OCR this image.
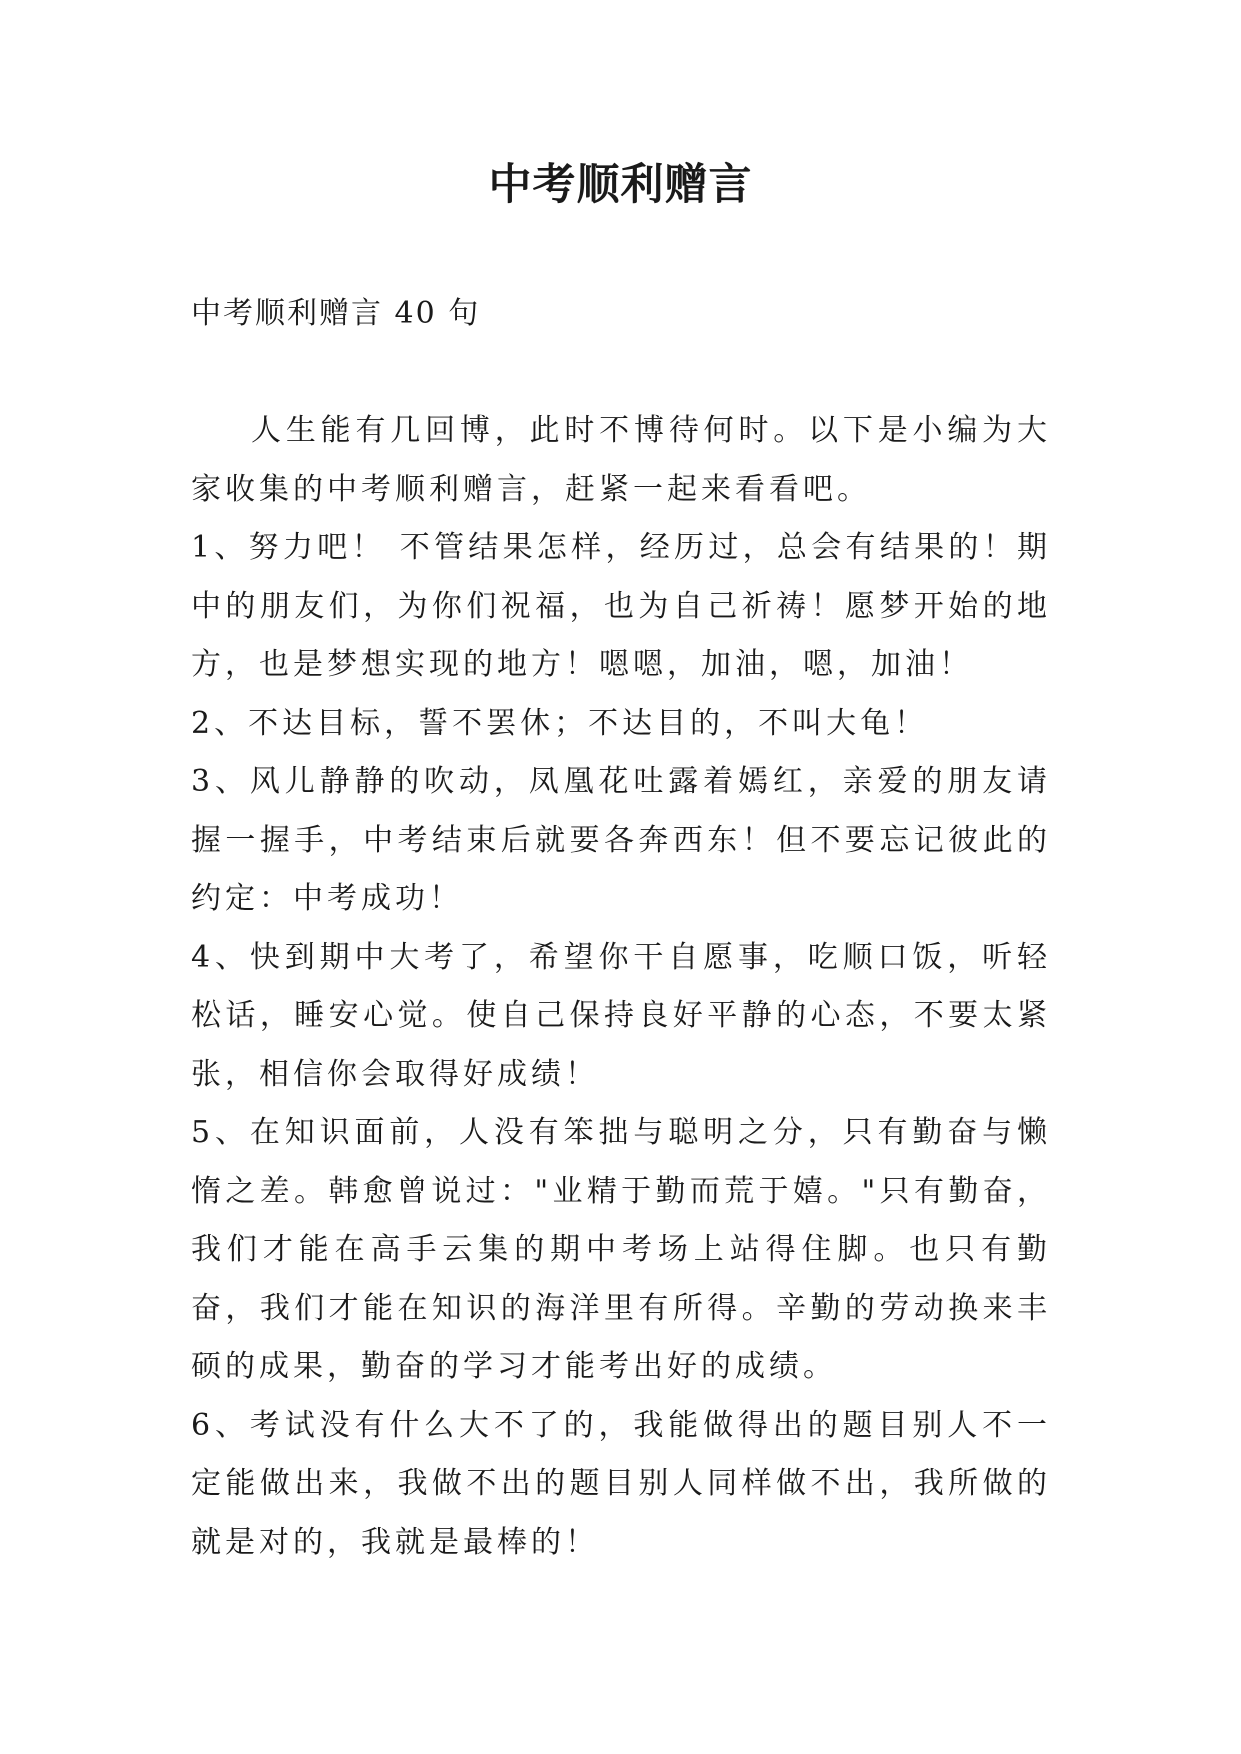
中考顺利赠言

中考顺利赠言 40 句

人生能有几回博，此时不博待何时。以下是小编为大家收集的中考顺利赠言，赶紧一起来看看吧。

1、努力吧！ 不管结果怎样，经历过，总会有结果的！期中的朋友们，为你们祝福，也为自己祈祷！愿梦开始的地方，也是梦想实现的地方！嗯嗯，加油，嗯，加油！

2、不达目标，誓不罢休；不达目的，不叫大龟！

3、风儿静静的吹动，凤凰花吐露着嫣红，亲爱的朋友请握一握手，中考结束后就要各奔西东！但不要忘记彼此的约定：中考成功！

4、快到期中大考了，希望你干自愿事，吃顺口饭，听轻松话，睡安心觉。使自己保持良好平静的心态，不要太紧张，相信你会取得好成绩！

5、在知识面前，人没有笨拙与聪明之分，只有勤奋与懒惰之差。韩愈曾说过："业精于勤而荒于嬉。"只有勤奋，我们才能在高手云集的期中考场上站得住脚。也只有勤奋，我们才能在知识的海洋里有所得。辛勤的劳动换来丰硕的成果，勤奋的学习才能考出好的成绩。

6、考试没有什么大不了的，我能做得出的题目别人不一定能做出来，我做不出的题目别人同样做不出，我所做的就是对的，我就是最棒的！
